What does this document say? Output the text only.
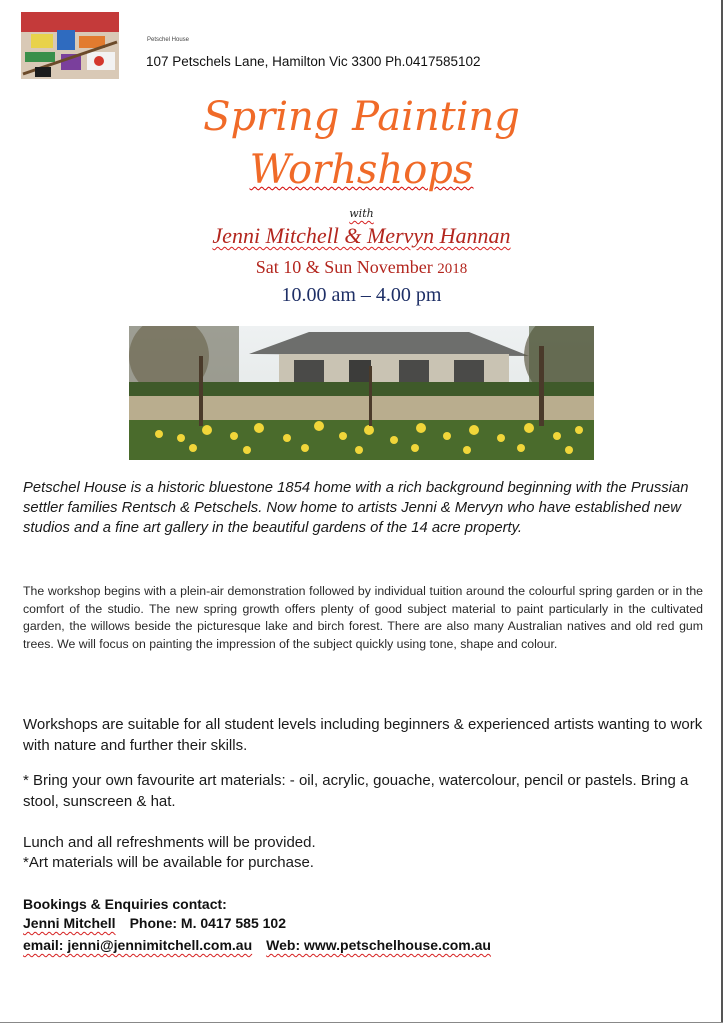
Petschel House
107 Petschels Lane, Hamilton Vic 3300 Ph.0417585102
Spring Painting
Worhshops
with
Jenni Mitchell & Mervyn Hannan
Sat 10 & Sun November 2018
10.00 am – 4.00 pm
Petschel House is a historic bluestone 1854 home with a rich background beginning with the Prussian settler families Rentsch & Petschels. Now home to artists Jenni & Mervyn who have established new studios and a fine art gallery in the beautiful gardens of the 14 acre property.
The workshop begins with a plein-air demonstration followed by individual tuition around the colourful spring garden or in the comfort of the studio. The new spring growth offers plenty of good subject material to paint particularly in the cultivated garden, the willows beside the picturesque lake and birch forest. There are also many Australian natives and old red gum trees. We will focus on painting the impression of the subject quickly using tone, shape and colour.
Workshops are suitable for all student levels including beginners & experienced artists wanting to work with nature and further their skills.
* Bring your own favourite art materials: - oil, acrylic, gouache, watercolour, pencil or pastels. Bring a stool, sunscreen & hat.
Lunch and all refreshments will be provided.
*Art materials will be available for purchase.
Bookings & Enquiries contact:
Jenni Mitchell Phone: M. 0417 585 102
email: jenni@jennimitchell.com.au Web: www.petschelhouse.com.au
